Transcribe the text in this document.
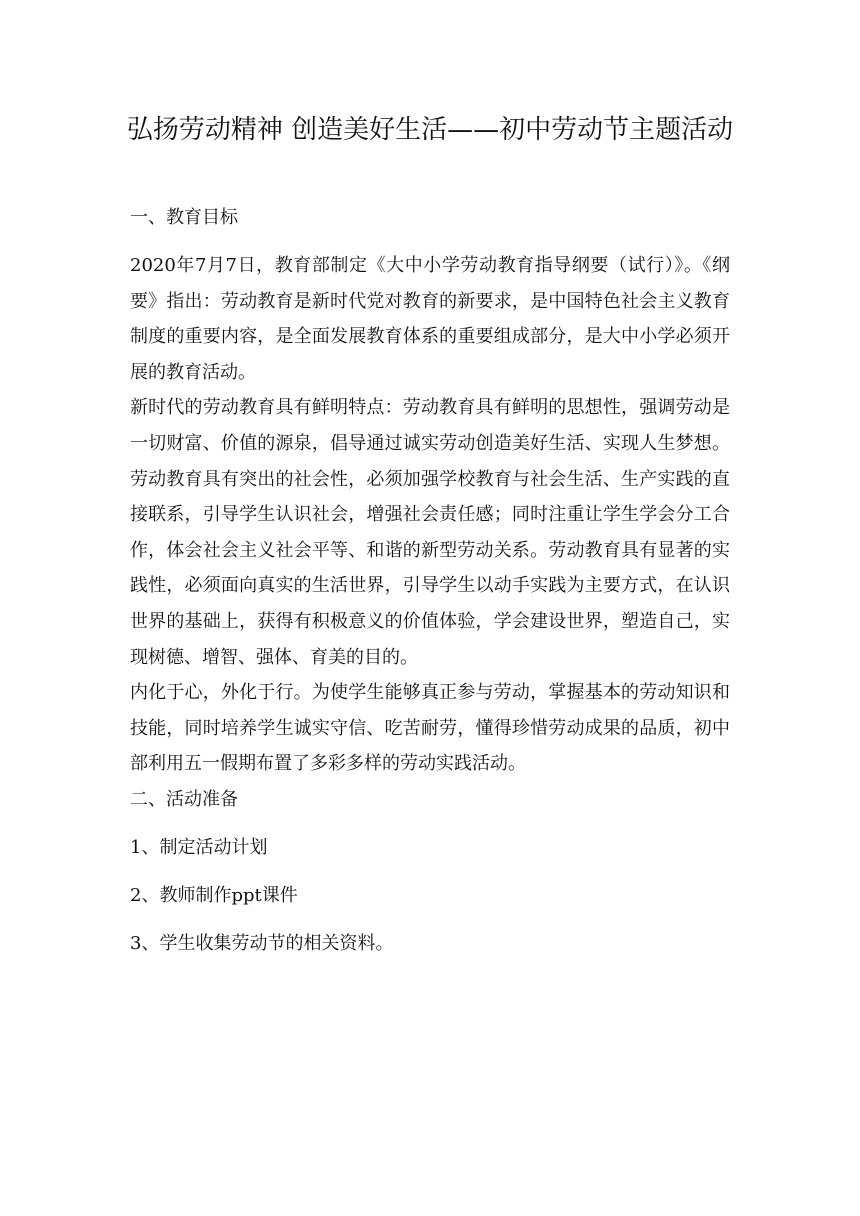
弘扬劳动精神 创造美好生活——初中劳动节主题活动

一、教育目标

2020年7月7日，教育部制定《大中小学劳动教育指导纲要（试行）》。《纲要》指出：劳动教育是新时代党对教育的新要求，是中国特色社会主义教育制度的重要内容，是全面发展教育体系的重要组成部分，是大中小学必须开展的教育活动。

新时代的劳动教育具有鲜明特点：劳动教育具有鲜明的思想性，强调劳动是一切财富、价值的源泉，倡导通过诚实劳动创造美好生活、实现人生梦想。劳动教育具有突出的社会性，必须加强学校教育与社会生活、生产实践的直接联系，引导学生认识社会，增强社会责任感；同时注重让学生学会分工合作，体会社会主义社会平等、和谐的新型劳动关系。劳动教育具有显著的实践性，必须面向真实的生活世界，引导学生以动手实践为主要方式，在认识世界的基础上，获得有积极意义的价值体验，学会建设世界，塑造自己，实现树德、增智、强体、育美的目的。

内化于心，外化于行。为使学生能够真正参与劳动，掌握基本的劳动知识和技能，同时培养学生诚实守信、吃苦耐劳，懂得珍惜劳动成果的品质，初中部利用五一假期布置了多彩多样的劳动实践活动。

二、活动准备

1、制定活动计划

2、教师制作ppt课件

3、学生收集劳动节的相关资料。
